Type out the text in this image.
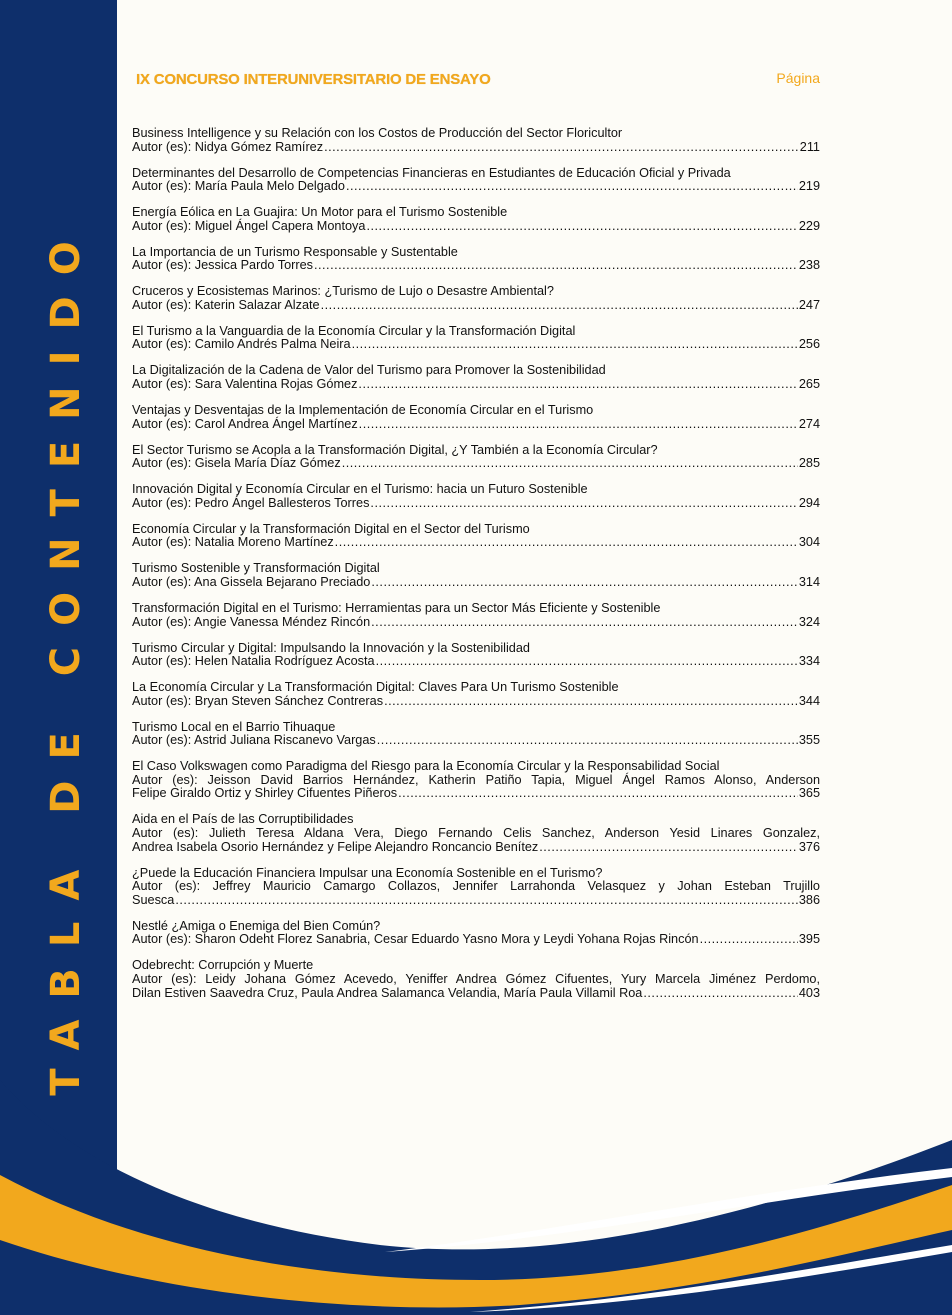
TABLA DE CONTENIDO
IX CONCURSO INTERUNIVERSITARIO DE ENSAYO	Página
Business Intelligence y su Relación con los Costos de Producción del Sector Floricultor
Autor (es): Nidya Gómez Ramírez .....	211
Determinantes del Desarrollo de Competencias Financieras en Estudiantes de Educación Oficial y Privada
Autor (es): María Paula Melo Delgado .....	219
Energía Eólica en La Guajira: Un Motor para el Turismo Sostenible
Autor (es): Miguel Ángel Capera Montoya .....	229
La Importancia de un Turismo Responsable y Sustentable
Autor (es): Jessica Pardo Torres .....	238
Cruceros y Ecosistemas Marinos: ¿Turismo de Lujo o Desastre Ambiental?
Autor (es): Katerin Salazar Alzate .....	247
El Turismo a la Vanguardia de la Economía Circular y la Transformación Digital
Autor (es): Camilo Andrés Palma Neira .....	256
La Digitalización de la Cadena de Valor del Turismo para Promover la Sostenibilidad
Autor (es): Sara Valentina Rojas Gómez .....	265
Ventajas y Desventajas de la Implementación de Economía Circular en el Turismo
Autor (es): Carol Andrea Ángel Martínez .....	274
El Sector Turismo se Acopla a la Transformación Digital, ¿Y También a la Economía Circular?
Autor (es): Gisela María Díaz Gómez .....	285
Innovación Digital y Economía Circular en el Turismo: hacia un Futuro Sostenible
Autor (es): Pedro Ángel Ballesteros Torres .....	294
Economía Circular y la Transformación Digital en el Sector del Turismo
Autor (es): Natalia Moreno Martínez .....	304
Turismo Sostenible y Transformación Digital
Autor (es): Ana Gissela Bejarano Preciado .....	314
Transformación Digital en el Turismo: Herramientas para un Sector Más Eficiente y Sostenible
Autor (es): Angie Vanessa Méndez Rincón .....	324
Turismo Circular y Digital: Impulsando la Innovación y la Sostenibilidad
Autor (es): Helen Natalia Rodríguez Acosta .....	334
La Economía Circular y La Transformación Digital: Claves Para Un Turismo Sostenible
Autor (es): Bryan Steven Sánchez Contreras .....	344
Turismo Local en el Barrio Tihuaque
Autor (es): Astrid Juliana Riscanevo Vargas .....	355
El Caso Volkswagen como Paradigma del Riesgo para la Economía Circular y la Responsabilidad Social
Autor (es): Jeisson David Barrios Hernández, Katherin Patiño Tapia, Miguel Ángel Ramos Alonso, Anderson
Felipe Giraldo Ortiz y Shirley Cifuentes Piñeros .....	365
Aida en el País de las Corruptibilidades
Autor (es): Julieth Teresa Aldana Vera, Diego Fernando Celis Sanchez, Anderson Yesid Linares Gonzalez,
Andrea Isabela Osorio Hernández y Felipe Alejandro Roncancio Benítez .....	376
¿Puede la Educación Financiera Impulsar una Economía Sostenible en el Turismo?
Autor (es): Jeffrey Mauricio Camargo Collazos, Jennifer Larrahonda Velasquez y Johan Esteban Trujillo
Suesca .....	386
Nestlé ¿Amiga o Enemiga del Bien Común?
Autor (es): Sharon Odeht Florez Sanabria, Cesar Eduardo Yasno Mora y Leydi Yohana Rojas Rincón .....	395
Odebrecht: Corrupción y Muerte
Autor (es): Leidy Johana Gómez Acevedo, Yeniffer Andrea Gómez Cifuentes, Yury Marcela Jiménez Perdomo,
Dilan Estiven Saavedra Cruz, Paula Andrea Salamanca Velandia, María Paula Villamil Roa .....	403
